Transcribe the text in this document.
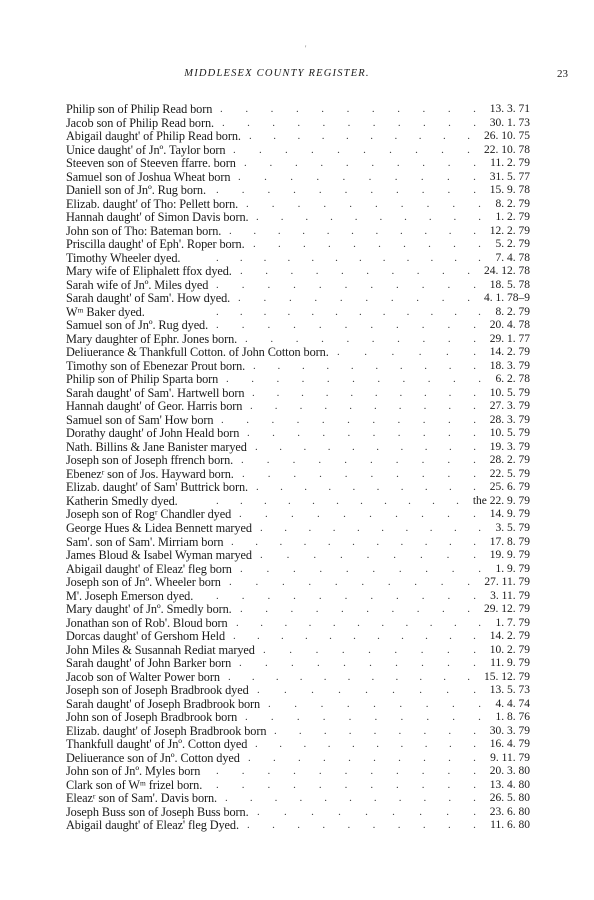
'
MIDDLESEX COUNTY REGISTER.	23
Philip son of Philip Read born . . . . . . . . . . . 13. 3. 71
Jacob son of Philip Read born. . . . . . . . . . . . 30. 1. 73
Abigail daught' of Philip Read born. . . . . . . . . . . 26. 10. 75
Unice daught' of Jnº. Taylor born . . . . . . . . . . 22. 10. 78
Steeven son of Steeven ffarre. born . . . . . . . . . . 11. 2. 79
Samuel son of Joshua Wheat born . . . . . . . . . . 31. 5. 77
Daniell son of Jnº. Rug born. . . . . . . . . . . . 15. 9. 78
Elizab. daught' of Tho: Pellett born. . . . . . . . . . . 8. 2. 79
Hannah daught' of Simon Davis born. . . . . . . . . . . 1. 2. 79
John son of Tho: Bateman born. . . . . . . . . . . . 12. 2. 79
Priscilla daught' of Eph'. Roper born. . . . . . . . . . . 5. 2. 79
Timothy Wheeler dyed.	. . . . . . . . . . . . 7. 4. 78
Mary wife of Eliphalett ffox dyed. . . . . . . . . . . 24. 12. 78
Sarah wife of Jnº. Miles dyed . . . . . . . . . . . 18. 5. 78
Sarah daught' of Sam'. How dyed. . . . . . . . . . . 4. 1. 78–9
Wᵐ Baker dyed.	. . . . . . . . . . . . 8. 2. 79
Samuel son of Jnº. Rug dyed. . . . . . . . . . . . 20. 4. 78
Mary daughter of Ephr. Jones born. . . . . . . . . . . 29. 1. 77
Deliuerance & Thankfull Cotton. of John Cotton born. . . . . . . 14. 2. 79
Timothy son of Ebenezar Prout born. . . . . . . . . . . 18. 3. 79
Philip son of Philip Sparta born . . . . . . . . . . . 6. 2. 78
Sarah daught' of Sam'. Hartwell born . . . . . . . . . . 10. 5. 79
Hannah daught' of Geor. Harris born . . . . . . . . . . 27. 3. 79
Samuel son of Sam' How born . . . . . . . . . . . 28. 3. 79
Dorathy daught' of John Heald born . . . . . . . . . . 10. 5. 79
Nath. Billins & Jane Banister maryed . . . . . . . . . . 19. 3. 79
Joseph son of Joseph ffrench born. . . . . . . . . . . 28. 2. 79
Ebenezʳ son of Jos. Hayward born. . . . . . . . . . . 22. 5. 79
Elizab. daught' of Sam' Buttrick born. . . . . . . . . . . 25. 6. 79
Katherin Smedly dyed.	. . . . . . . . . . . the 22. 9. 79
Joseph son of Rogʳ Chandler dyed . . . . . . . . . . 14. 9. 79
George Hues & Lidea Bennett maryed . . . . . . . . . . 3. 5. 79
Sam'. son of Sam'. Mirriam born . . . . . . . . . . . 17. 8. 79
James Bloud & Isabel Wyman maryed . . . . . . . . . 19. 9. 79
Abigail daught' of Eleaz' fleg born . . . . . . . . . . 1. 9. 79
Joseph son of Jnº. Wheeler born . . . . . . . . . . 27. 11. 79
M'. Joseph Emerson dyed. . . . . . . . . . . . 3. 11. 79
Mary daught' of Jnº. Smedly born. . . . . . . . . . . 29. 12. 79
Jonathan son of Rob'. Bloud born . . . . . . . . . . . 1. 7. 79
Dorcas daught' of Gershom Held . . . . . . . . . . . 14. 2. 79
John Miles & Susannah Rediat maryed . . . . . . . . . 10. 2. 79
Sarah daught' of John Barker born . . . . . . . . . . 11. 9. 79
Jacob son of Walter Power born . . . . . . . . . . . 15. 12. 79
Joseph son of Joseph Bradbrook dyed . . . . . . . . . 13. 5. 73
Sarah daught' of Joseph Bradbrook born . . . . . . . . . 4. 4. 74
John son of Joseph Bradbrook born . . . . . . . . . . 1. 8. 76
Elizab. daught' of Joseph Bradbrook born . . . . . . . . . 30. 3. 79
Thankfull daught' of Jnº. Cotton dyed . . . . . . . . . . 16. 4. 79
Deliuerance son of Jnº. Cotton dyed . . . . . . . . . . 9. 11. 79
John son of Jnº. Myles born . . . . . . . . . . . 20. 3. 80
Clark son of Wᵐ frizel born. . . . . . . . . . . . 13. 4. 80
Eleazʳ son of Sam'. Davis born. . . . . . . . . . . . 26. 5. 80
Joseph Buss son of Joseph Buss born. . . . . . . . . . 23. 6. 80
Abigail daught' of Eleaz' fleg Dyed. . . . . . . . . . . 11. 6. 80
